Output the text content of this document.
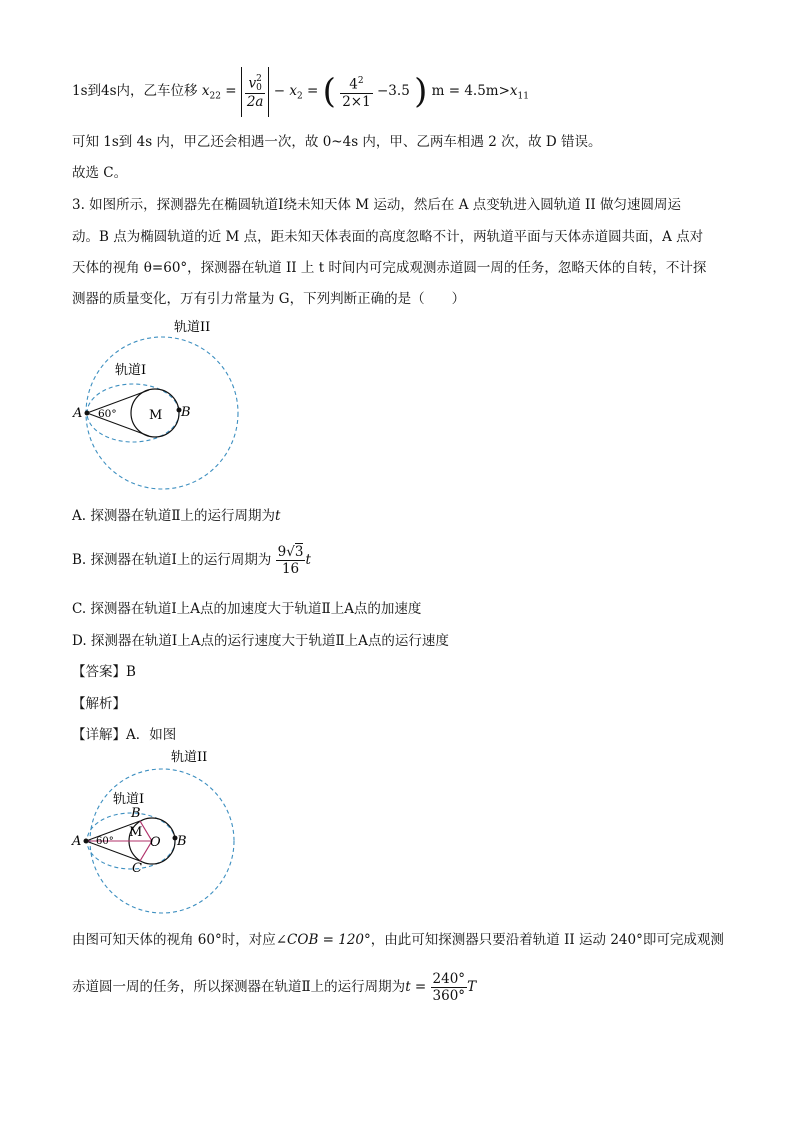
1s到4s内，乙车位移 $x_{22} = v$ 2
0
$2a - x_2$ = ( $\frac{4^2}{2\times 1} -3.5$ ) $m = 4.5m>x_{11}$
可知 1s到 4s 内，甲乙还会相遇一次，故 0~4s 内，甲、乙两车相遇 2 次，故 D 错误。
故选 C。
3. 如图所示，探测器先在椭圆轨道Ⅰ绕未知天体 M 运动，然后在 A 点变轨进入圆轨道 II 做匀速圆周运
动。B 点为椭圆轨道的近 M 点，距未知天体表面的高度忽略不计，两轨道平面与天体赤道圆共面，A 点对
天体的视角 θ=60°，探测器在轨道 II 上 t 时间内可完成观测赤道圆一周的任务，忽略天体的自转，不计探
测器的质量变化，万有引力常量为 G，下列判断正确的是（　　）
轨道II
轨道I
A	B
M
60°
A. 探测器在轨道Ⅱ上的运行周期为t
B. 探测器在轨道Ⅰ上的运行周期为 $\frac{9√3}{16}$ t
C. 探测器在轨道Ⅰ上A点的加速度大于轨道Ⅱ上A点的加速度
D. 探测器在轨道Ⅰ上A点的运行速度大于轨道Ⅱ上A点的运行速度
【答案】B
【解析】
【详解】A．如图
轨道II
轨道I
A
B
B
C
M
O
60°
由图可知天体的视角 60°时，对应∠COB = 120°，由此可知探测器只要沿着轨道 II 运动 240°即可完成观测
赤道圆一周的任务，所以探测器在轨道Ⅱ上的运行周期为$t = \frac{240^\circ}{360^\circ}$ T
